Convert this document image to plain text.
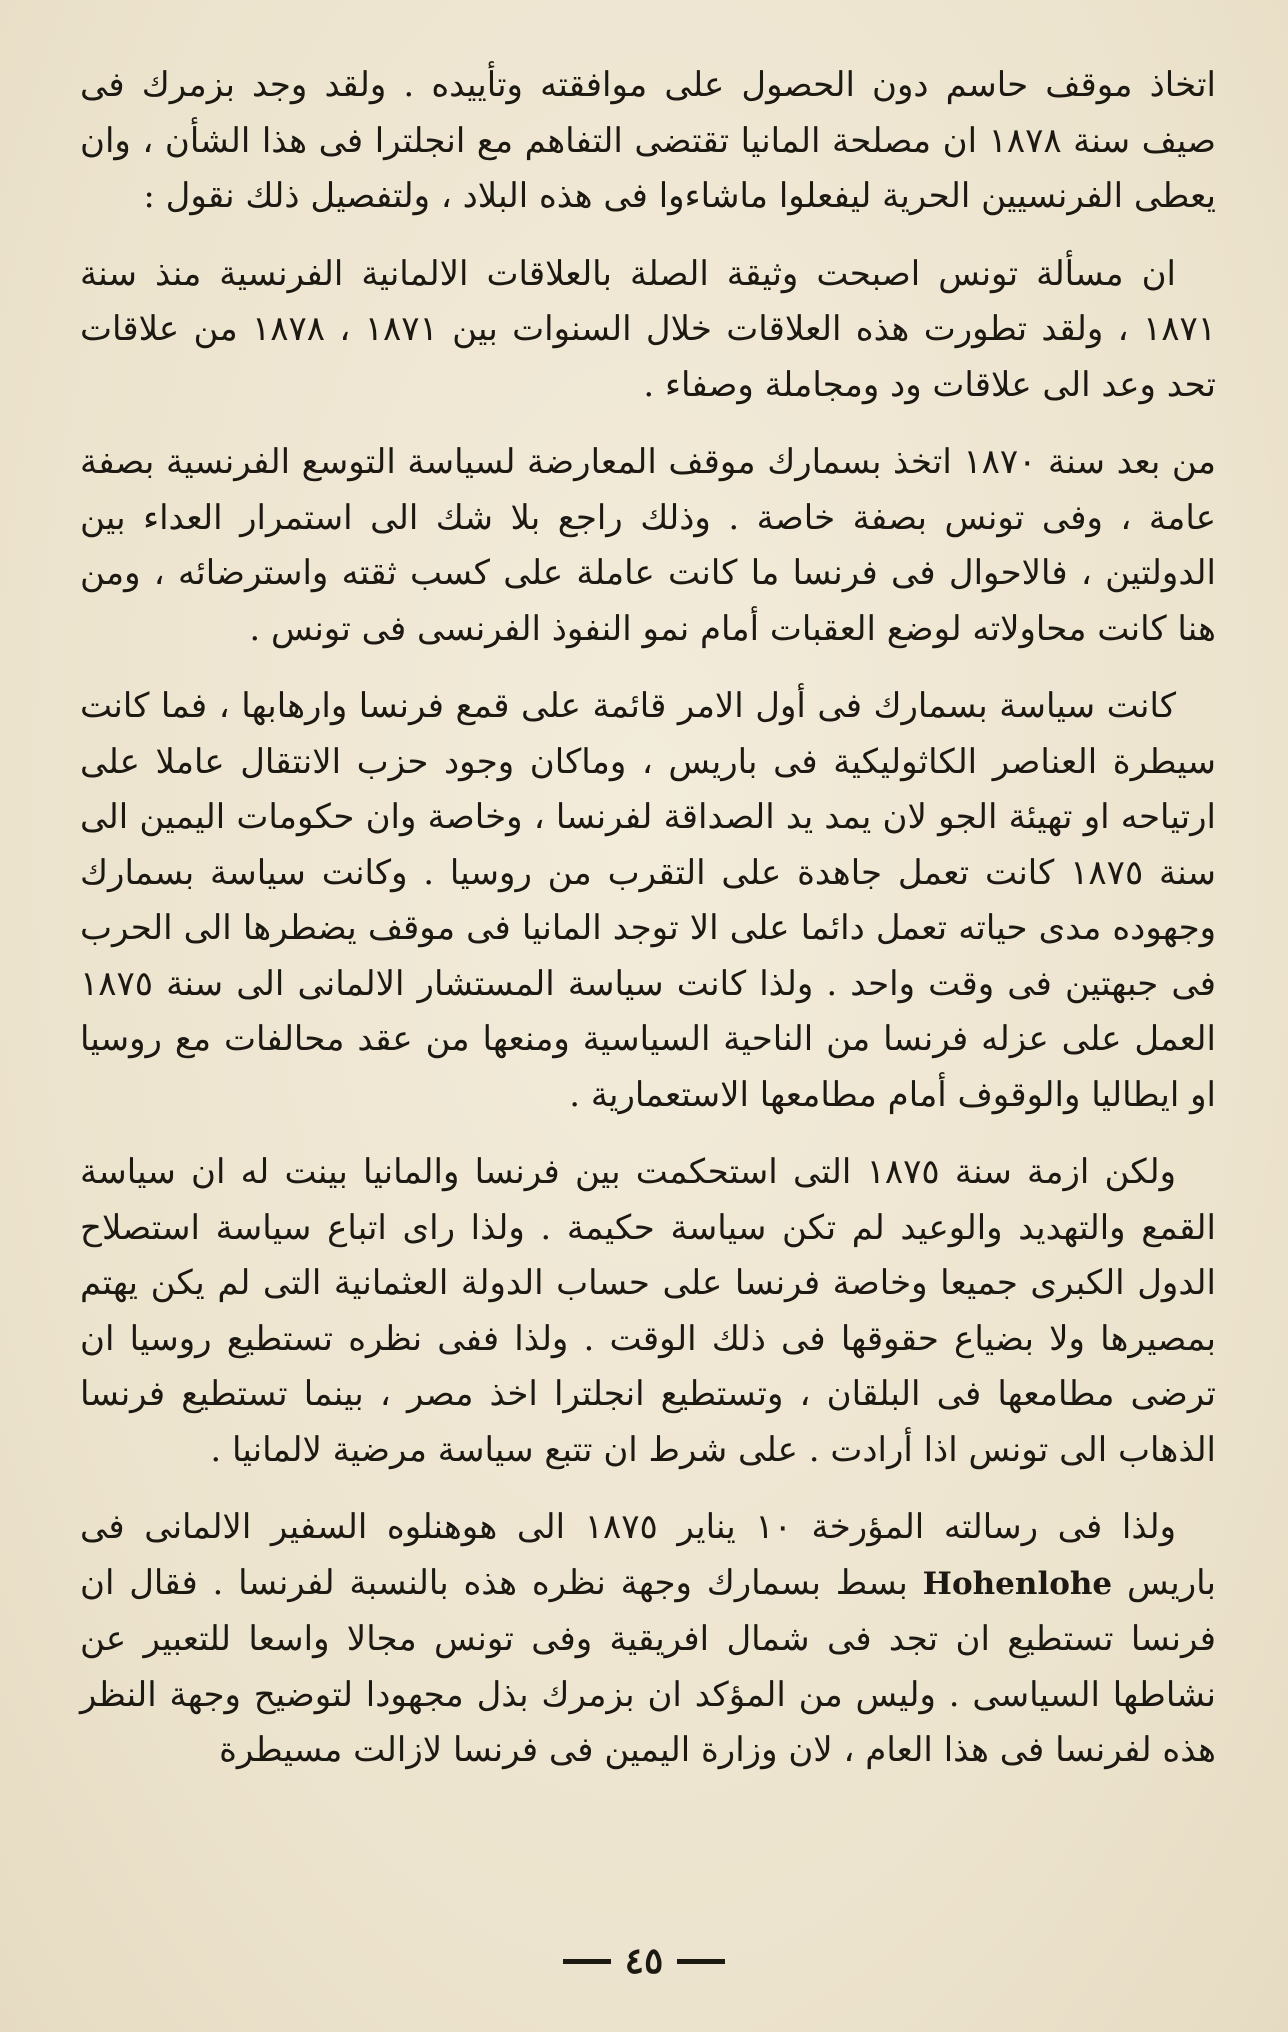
اتخاذ موقف حاسم دون الحصول على موافقته وتأييده . ولقد وجد بزمرك فى صيف سنة ١٨٧٨ ان مصلحة المانيا تقتضى التفاهم مع انجلترا فى هذا الشأن ، وان يعطى الفرنسيين الحرية ليفعلوا ماشاءوا فى هذه البلاد ، ولتفصيل ذلك نقول :

ان مسألة تونس اصبحت وثيقة الصلة بالعلاقات الالمانية الفرنسية منذ سنة ١٨٧١ ، ولقد تطورت هذه العلاقات خلال السنوات بين ١٨٧١ ، ١٨٧٨ من علاقات تحد وعد الى علاقات ود ومجاملة وصفاء .

من بعد سنة ١٨٧٠ اتخذ بسمارك موقف المعارضة لسياسة التوسع الفرنسية بصفة عامة ، وفى تونس بصفة خاصة . وذلك راجع بلا شك الى استمرار العداء بين الدولتين ، فالاحوال فى فرنسا ما كانت عاملة على كسب ثقته واسترضائه ، ومن هنا كانت محاولاته لوضع العقبات أمام نمو النفوذ الفرنسى فى تونس .

كانت سياسة بسمارك فى أول الامر قائمة على قمع فرنسا وارهابها ، فما كانت سيطرة العناصر الكاثوليكية فى باريس ، وماكان وجود حزب الانتقال عاملا على ارتياحه او تهيئة الجو لان يمد يد الصداقة لفرنسا ، وخاصة وان حكومات اليمين الى سنة ١٨٧٥ كانت تعمل جاهدة على التقرب من روسيا . وكانت سياسة بسمارك وجهوده مدى حياته تعمل دائما على الا توجد المانيا فى موقف يضطرها الى الحرب فى جبهتين فى وقت واحد . ولذا كانت سياسة المستشار الالمانى الى سنة ١٨٧٥ العمل على عزله فرنسا من الناحية السياسية ومنعها من عقد محالفات مع روسيا او ايطاليا والوقوف أمام مطامعها الاستعمارية .

ولكن ازمة سنة ١٨٧٥ التى استحكمت بين فرنسا والمانيا بينت له ان سياسة القمع والتهديد والوعيد لم تكن سياسة حكيمة . ولذا راى اتباع سياسة استصلاح الدول الكبرى جميعا وخاصة فرنسا على حساب الدولة العثمانية التى لم يكن يهتم بمصيرها ولا بضياع حقوقها فى ذلك الوقت . ولذا ففى نظره تستطيع روسيا ان ترضى مطامعها فى البلقان ، وتستطيع انجلترا اخذ مصر ، بينما تستطيع فرنسا الذهاب الى تونس اذا أرادت . على شرط ان تتبع سياسة مرضية لالمانيا .

ولذا فى رسالته المؤرخة ١٠ يناير ١٨٧٥ الى هوهنلوه السفير الالمانى فى باريس Hohenlohe بسط بسمارك وجهة نظره هذه بالنسبة لفرنسا . فقال ان فرنسا تستطيع ان تجد فى شمال افريقية وفى تونس مجالا واسعا للتعبير عن نشاطها السياسى . وليس من المؤكد ان بزمرك بذل مجهودا لتوضيح وجهة النظر هذه لفرنسا فى هذا العام ، لان وزارة اليمين فى فرنسا لازالت مسيطرة

٤٥
